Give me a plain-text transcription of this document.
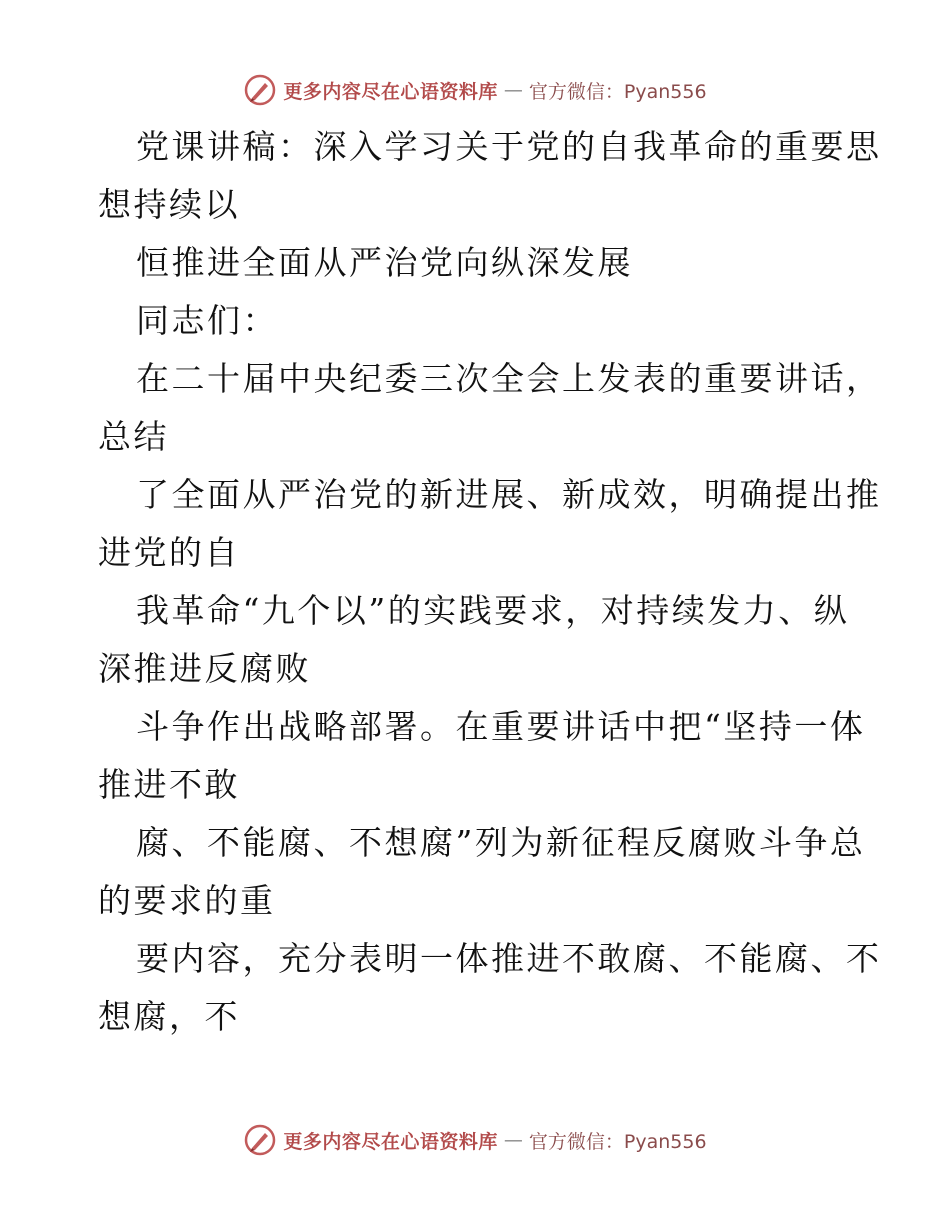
更多内容尽在心语资料库 — 官方微信：Pyan556
党课讲稿：深入学习关于党的自我革命的重要思
想持续以
恒推进全面从严治党向纵深发展
同志们：
在二十届中央纪委三次全会上发表的重要讲话，
总结
了全面从严治党的新进展、新成效，明确提出推
进党的自
我革命“九个以”的实践要求，对持续发力、纵
深推进反腐败
斗争作出战略部署。在重要讲话中把“坚持一体
推进不敢
腐、不能腐、不想腐”列为新征程反腐败斗争总
的要求的重
要内容，充分表明一体推进不敢腐、不能腐、不
想腐，不
更多内容尽在心语资料库 — 官方微信：Pyan556
